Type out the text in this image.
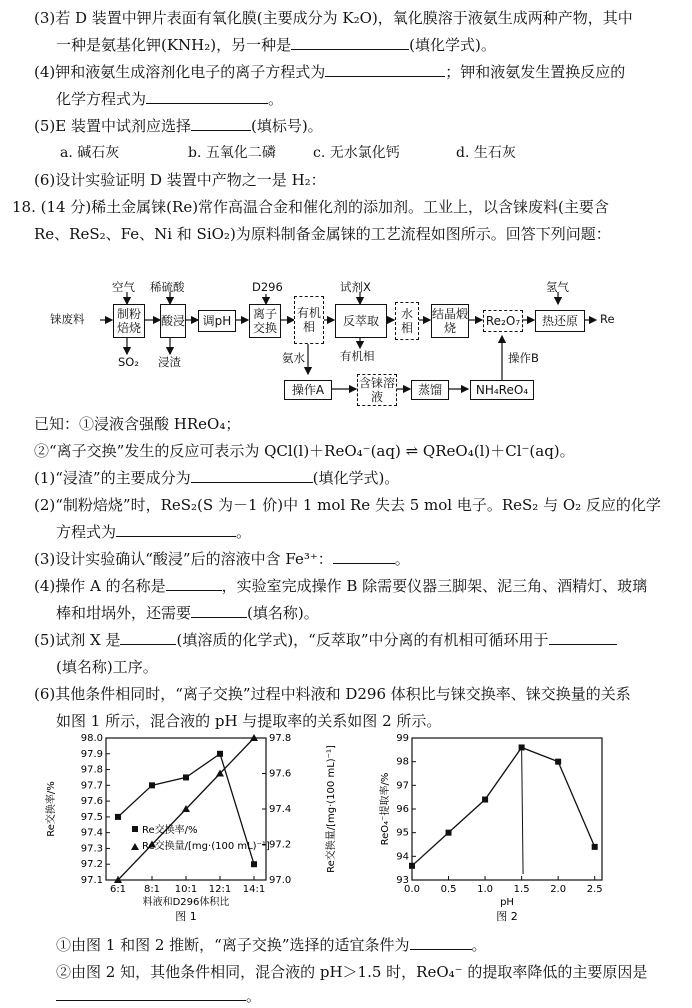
(3)若 D 装置中钾片表面有氧化膜(主要成分为 K₂O)，氧化膜溶于液氨生成两种产物，其中
一种是氨基化钾(KNH₂)，另一种是	(填化学式)。
(4)钾和液氨生成溶剂化电子的离子方程式为	；钾和液氨发生置换反应的
化学方程式为	。
(5)E 装置中试剂应选择	(填标号)。
a. 碱石灰	b. 五氧化二磷	c. 无水氯化钙	d. 生石灰
(6)设计实验证明 D 装置中产物之一是 H₂：
18. (14 分)稀土金属铼(Re)常作高温合金和催化剂的添加剂。工业上，以含铼废料(主要含
Re、ReS₂、Fe、Ni 和 SiO₂)为原料制备金属铼的工艺流程如图所示。回答下列问题：
铼废料
空气 稀硫酸
SO₂ 浸渣
D296	试剂X
有机相
氢气
Re
氨水	操作B
制粉焙烧	酸浸	调pH	离子交换
有机相	反萃取	水相
结晶煅烧	Re₂O₇	热还原
操作A	含铼溶液	蒸馏	NH₄ReO₄
已知：①浸液含强酸 HReO₄；
②“离子交换”发生的反应可表示为 QCl(l)＋ReO₄⁻(aq) ⇌ QReO₄(l)＋Cl⁻(aq)。
(1)“浸渣”的主要成分为	(填化学式)。
(2)“制粉焙烧”时，ReS₂(S 为－1 价)中 1 mol Re 失去 5 mol 电子。ReS₂ 与 O₂ 反应的化学
方程式为	。
(3)设计实验确认“酸浸”后的溶液中含 Fe³⁺：	。
(4)操作 A 的名称是	，实验室完成操作 B 除需要仪器三脚架、泥三角、酒精灯、玻璃
棒和坩埚外，还需要	(填名称)。
(5)试剂 X 是	(填溶质的化学式)，“反萃取”中分离的有机相可循环用于
(填名称)工序。
(6)其他条件相同时，“离子交换”过程中料液和 D296 体积比与铼交换率、铼交换量的关系
如图 1 所示，混合液的 pH 与提取率的关系如图 2 所示。
97.1
97.2
97.3
97.4
97.5
97.6
97.7
97.8
97.9
98.0
97.0
97.2
97.4
97.6
97.8
6:1 8:1 10:1 12:1 14:1
Re交换率/%	Re交换量/[mg·(100 mL)⁻¹]
料液和D296体积比
图 1
Re交换率/%
Re交换量/[mg·(100 mL)⁻¹]
93
94
95
96
97
98
99
0.0 0.5 1.0 1.5 2.0 2.5
ReO₄⁻提取率/%
pH
图 2
①由图 1 和图 2 推断，“离子交换”选择的适宜条件为	。
②由图 2 知，其他条件相同，混合液的 pH＞1.5 时，ReO₄⁻ 的提取率降低的主要原因是
。
